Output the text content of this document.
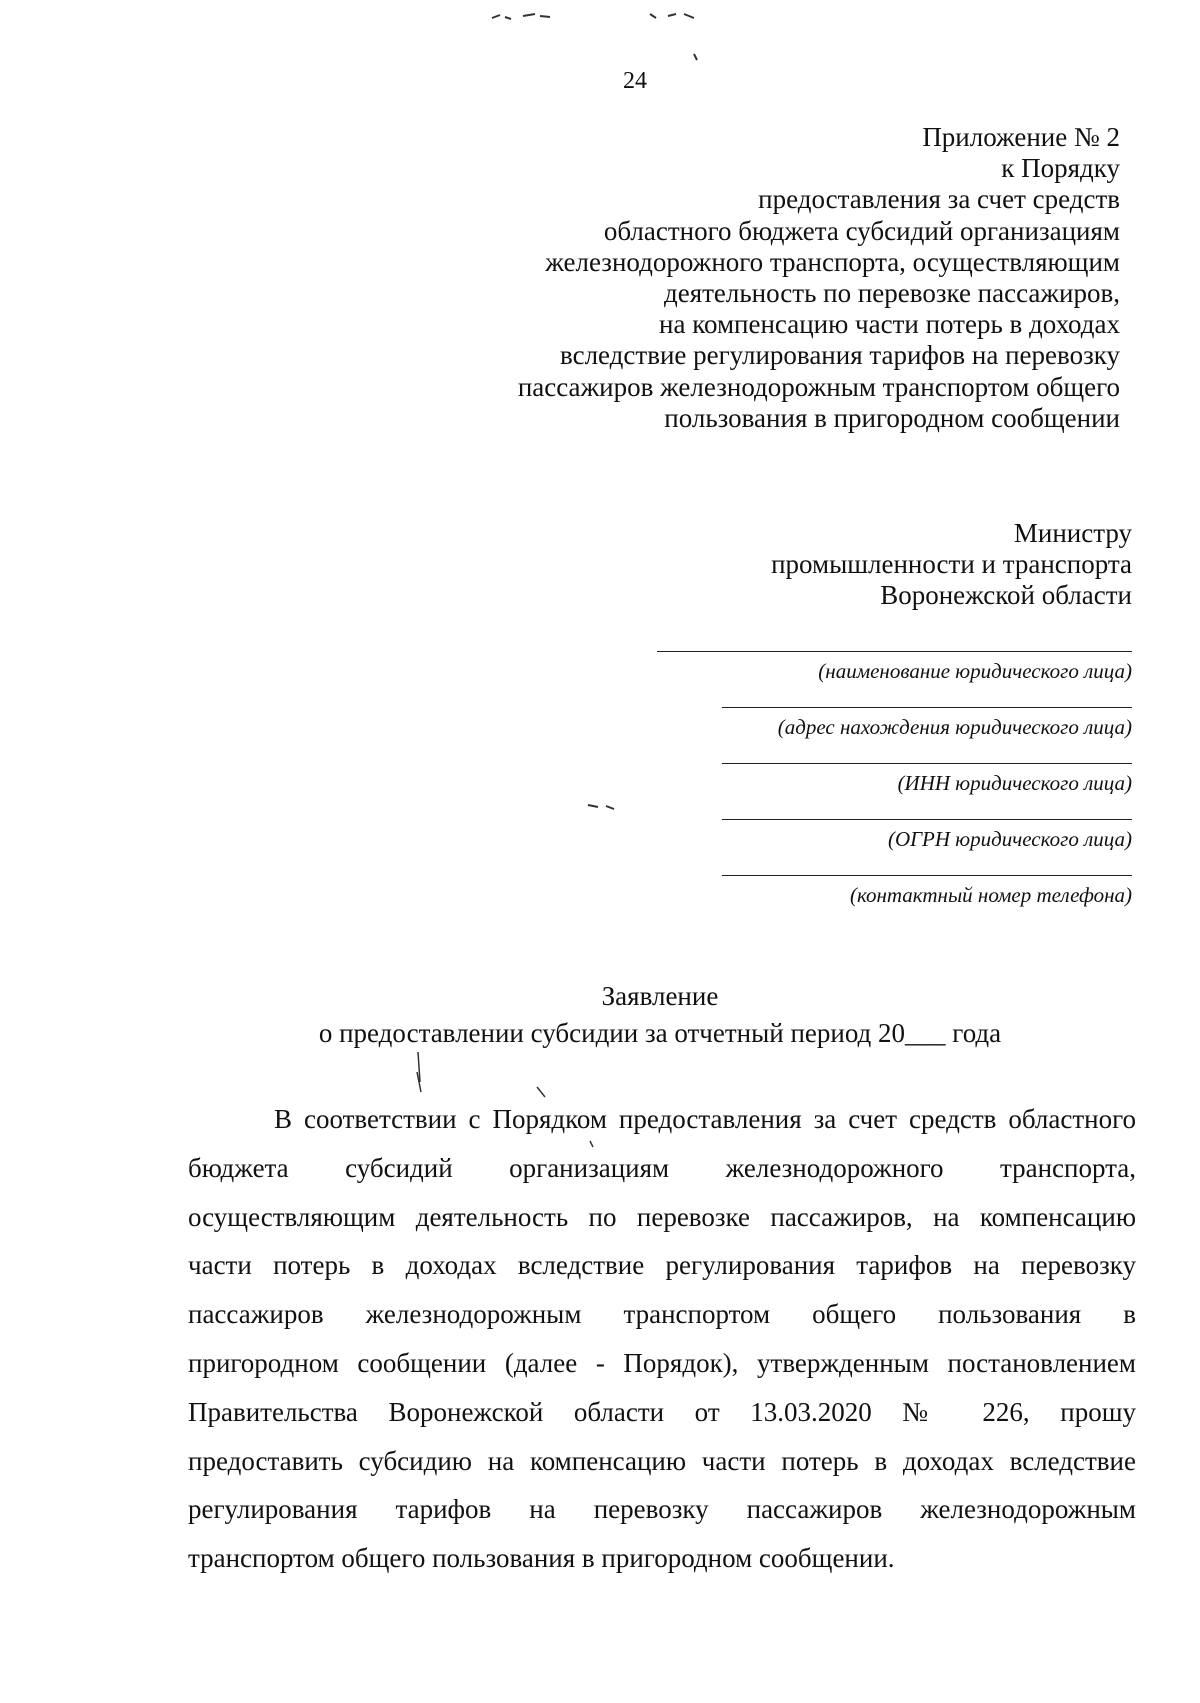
24
Приложение № 2
к Порядку
предоставления за счет средств
областного бюджета субсидий организациям
железнодорожного транспорта, осуществляющим
деятельность по перевозке пассажиров,
на компенсацию части потерь в доходах
вследствие регулирования тарифов на перевозку
пассажиров железнодорожным транспортом общего
пользования в пригородном сообщении
Министру
промышленности и транспорта
Воронежской области
(наименование юридического лица)
(адрес нахождения юридического лица)
(ИНН юридического лица)
(ОГРН юридического лица)
(контактный номер телефона)
Заявление
о предоставлении субсидии за отчетный период 20___ года
В соответствии с Порядком предоставления за счет средств областного
бюджета субсидий организациям железнодорожного транспорта,
осуществляющим деятельность по перевозке пассажиров, на компенсацию
части потерь в доходах вследствие регулирования тарифов на перевозку
пассажиров железнодорожным транспортом общего пользования в
пригородном сообщении (далее - Порядок), утвержденным постановлением
Правительства Воронежской области от 13.03.2020 № 226, прошу
предоставить субсидию на компенсацию части потерь в доходах вследствие
регулирования тарифов на перевозку пассажиров железнодорожным
транспортом общего пользования в пригородном сообщении.
